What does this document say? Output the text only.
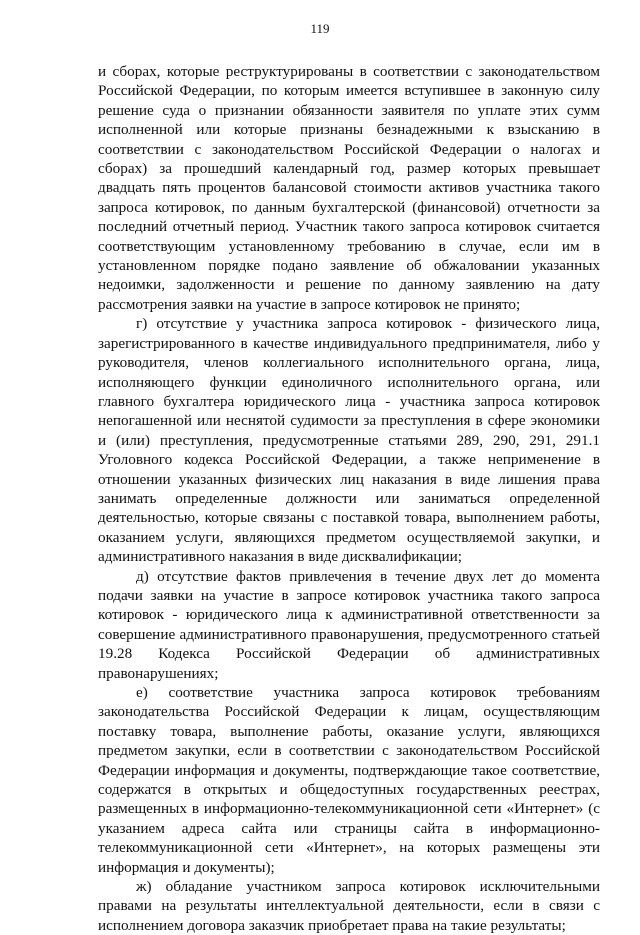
119

и сборах, которые реструктурированы в соответствии с законодательством Российской Федерации, по которым имеется вступившее в законную силу решение суда о признании обязанности заявителя по уплате этих сумм исполненной или которые признаны безнадежными к взысканию в соответствии с законодательством Российской Федерации о налогах и сборах) за прошедший календарный год, размер которых превышает двадцать пять процентов балансовой стоимости активов участника такого запроса котировок, по данным бухгалтерской (финансовой) отчетности за последний отчетный период. Участник такого запроса котировок считается соответствующим установленному требованию в случае, если им в установленном порядке подано заявление об обжаловании указанных недоимки, задолженности и решение по данному заявлению на дату рассмотрения заявки на участие в запросе котировок не принято;

г) отсутствие у участника запроса котировок - физического лица, зарегистрированного в качестве индивидуального предпринимателя, либо у руководителя, членов коллегиального исполнительного органа, лица, исполняющего функции единоличного исполнительного органа, или главного бухгалтера юридического лица - участника запроса котировок непогашенной или неснятой судимости за преступления в сфере экономики и (или) преступления, предусмотренные статьями 289, 290, 291, 291.1 Уголовного кодекса Российской Федерации, а также неприменение в отношении указанных физических лиц наказания в виде лишения права занимать определенные должности или заниматься определенной деятельностью, которые связаны с поставкой товара, выполнением работы, оказанием услуги, являющихся предметом осуществляемой закупки, и административного наказания в виде дисквалификации;

д) отсутствие фактов привлечения в течение двух лет до момента подачи заявки на участие в запросе котировок участника такого запроса котировок - юридического лица к административной ответственности за совершение административного правонарушения, предусмотренного статьей 19.28 Кодекса Российской Федерации об административных правонарушениях;

е) соответствие участника запроса котировок требованиям законодательства Российской Федерации к лицам, осуществляющим поставку товара, выполнение работы, оказание услуги, являющихся предметом закупки, если в соответствии с законодательством Российской Федерации информация и документы, подтверждающие такое соответствие, содержатся в открытых и общедоступных государственных реестрах, размещенных в информационно-телекоммуникационной сети «Интернет» (с указанием адреса сайта или страницы сайта в информационно-телекоммуникационной сети «Интернет», на которых размещены эти информация и документы);

ж) обладание участником запроса котировок исключительными правами на результаты интеллектуальной деятельности, если в связи с исполнением договора заказчик приобретает права на такие результаты;
